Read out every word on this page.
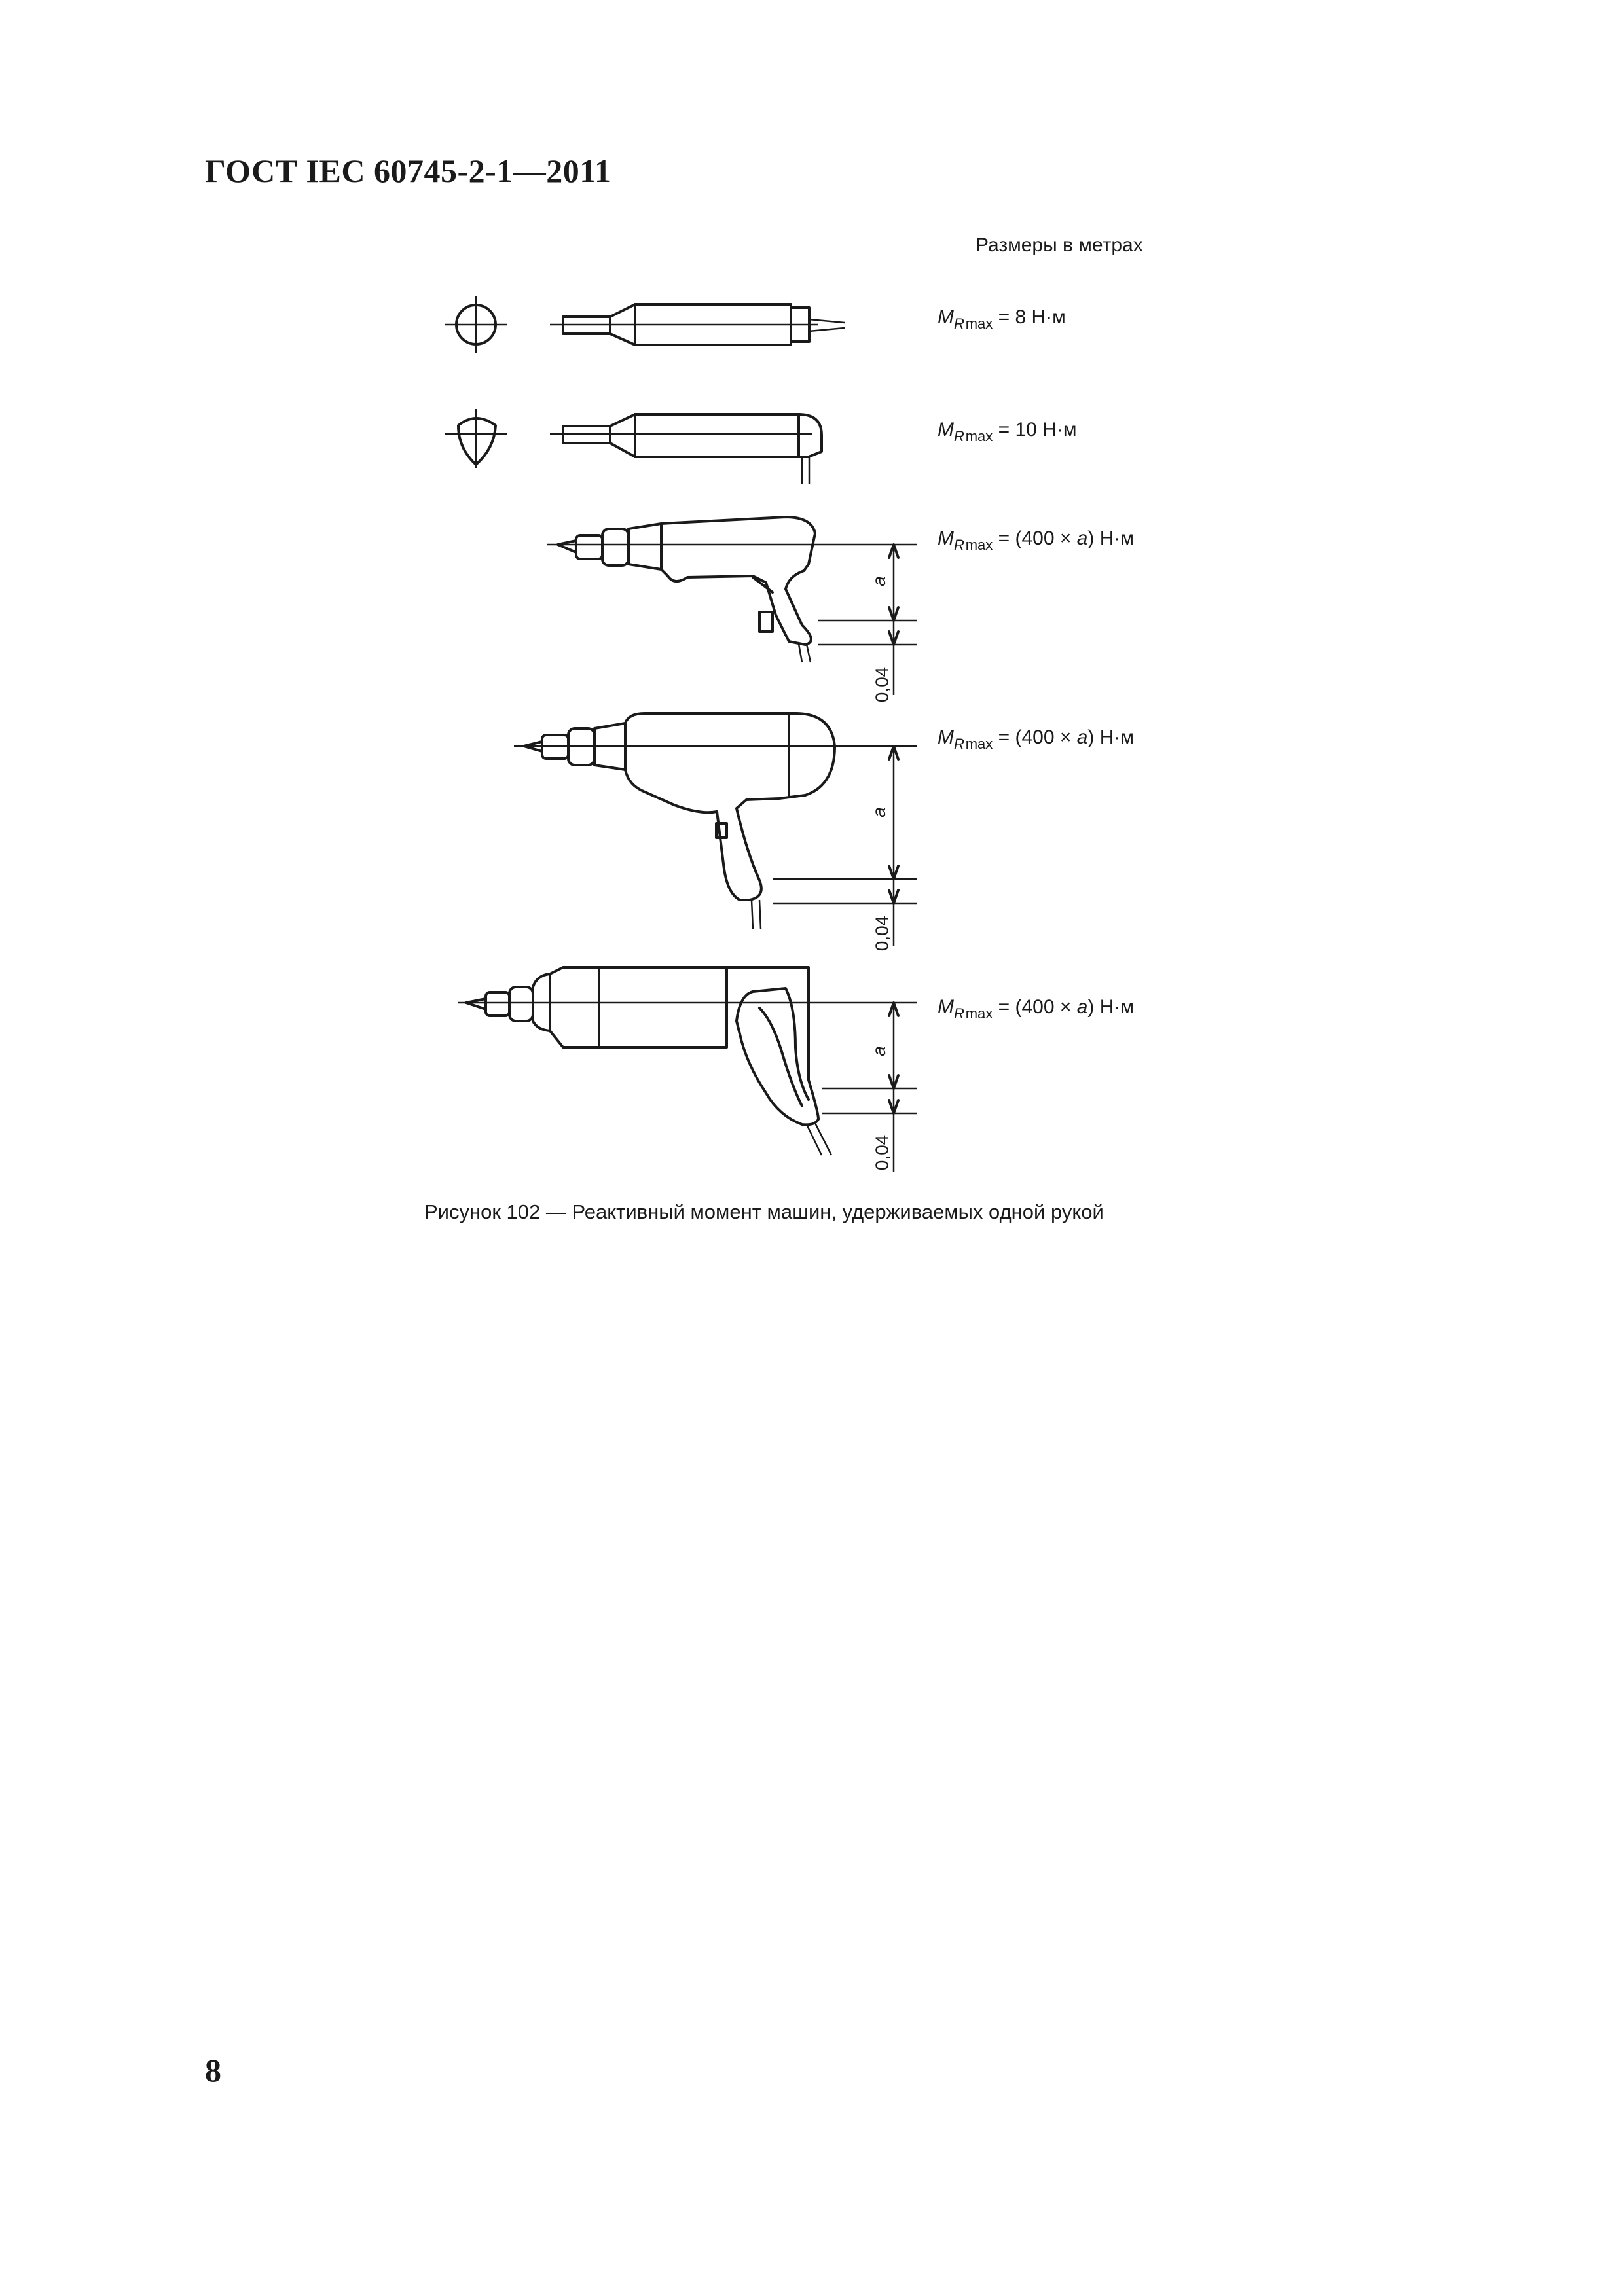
ГОСТ IEC 60745-2-1—2011
Размеры в метрах
$M_{R max} = 8$ Н·м
$M_{R max} = 10$ Н·м
$M_{R max} = (400 \times a)$ Н·м
$M_{R max} = (400 \times a)$ Н·м
$M_{R max} = (400 \times a)$ Н·м
a
0,04
a
0,04
a
0,04
Рисунок 102 — Реактивный момент машин, удерживаемых одной рукой
8
